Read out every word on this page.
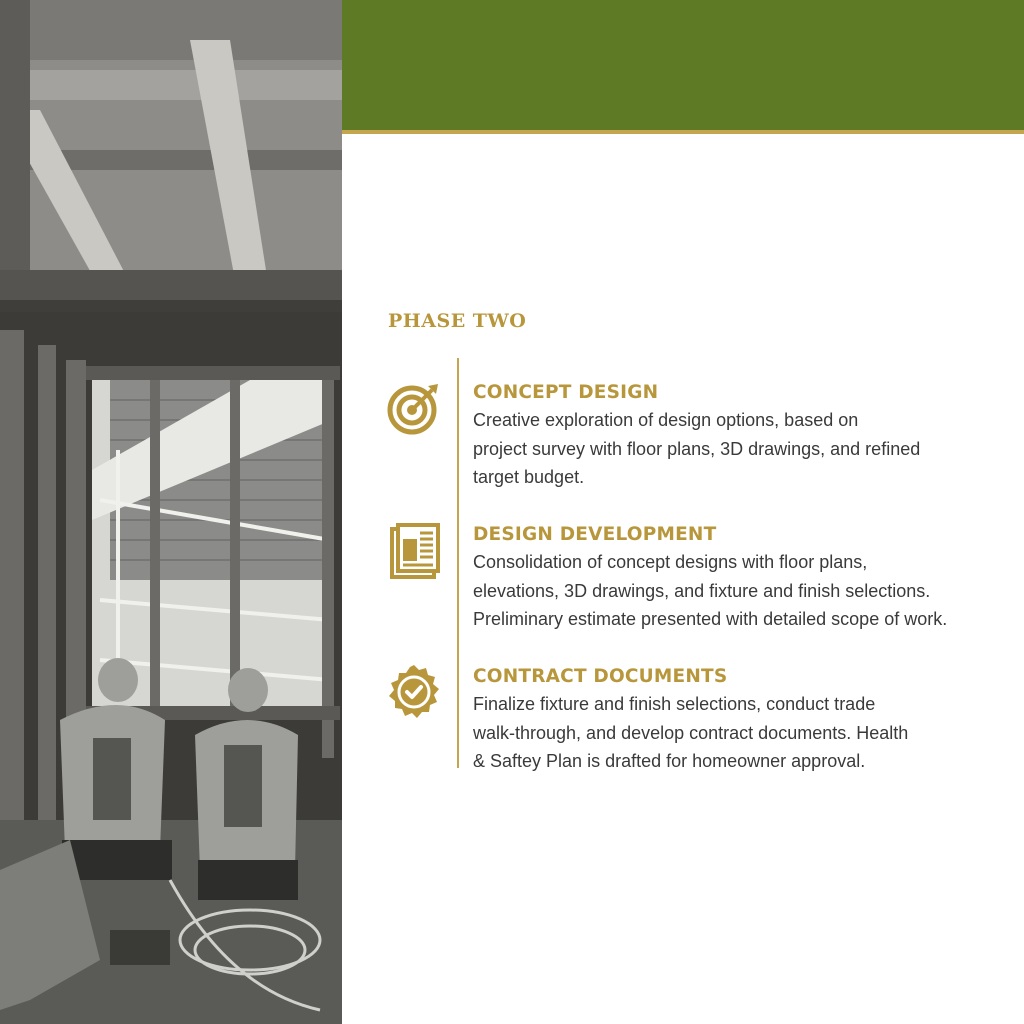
PHASE TWO
CONCEPT DESIGN

Creative exploration of design options, based on
project survey with floor plans, 3D drawings, and refined
target budget.

DESIGN DEVELOPMENT

Consolidation of concept designs with floor plans,
elevations, 3D drawings, and fixture and finish selections.
Preliminary estimate presented with detailed scope of work.

CONTRACT DOCUMENTS

Finalize fixture and finish selections, conduct trade
walk-through, and develop contract documents. Health
& Saftey Plan is drafted for homeowner approval.
